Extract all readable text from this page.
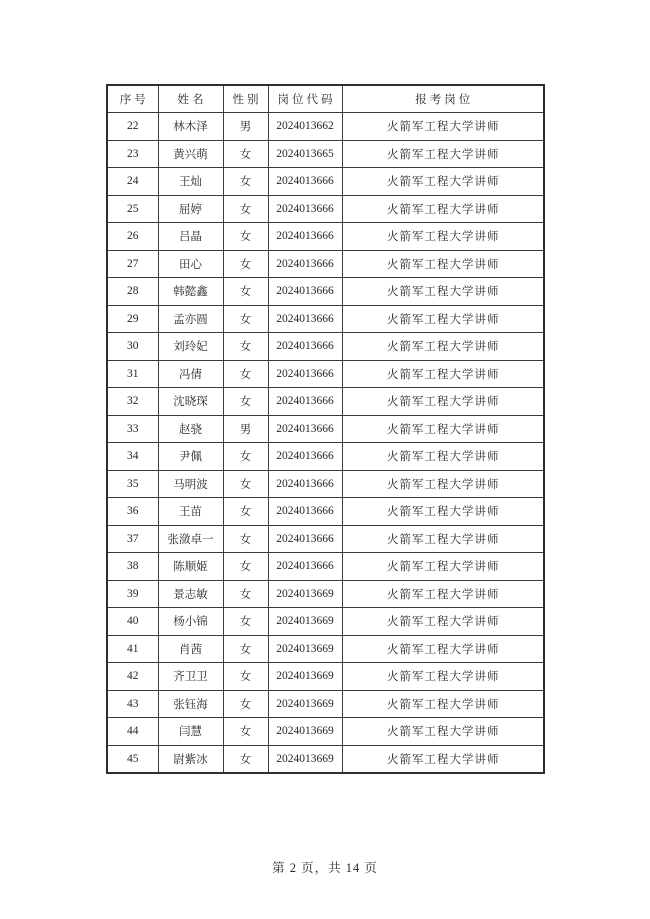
序号	姓名	性别	岗位代码	报考岗位
22	林木泽	男	2024013662	火箭军工程大学讲师
23	黄兴萌	女	2024013665	火箭军工程大学讲师
24	王灿	女	2024013666	火箭军工程大学讲师
25	屈婷	女	2024013666	火箭军工程大学讲师
26	吕晶	女	2024013666	火箭军工程大学讲师
27	田心	女	2024013666	火箭军工程大学讲师
28	韩懿鑫	女	2024013666	火箭军工程大学讲师
29	孟亦圆	女	2024013666	火箭军工程大学讲师
30	刘玲妃	女	2024013666	火箭军工程大学讲师
31	冯倩	女	2024013666	火箭军工程大学讲师
32	沈晓琛	女	2024013666	火箭军工程大学讲师
33	赵骁	男	2024013666	火箭军工程大学讲师
34	尹佩	女	2024013666	火箭军工程大学讲师
35	马明波	女	2024013666	火箭军工程大学讲师
36	王苗	女	2024013666	火箭军工程大学讲师
37	张潋卓一	女	2024013666	火箭军工程大学讲师
38	陈顺姬	女	2024013666	火箭军工程大学讲师
39	景志敏	女	2024013669	火箭军工程大学讲师
40	杨小锦	女	2024013669	火箭军工程大学讲师
41	肖茜	女	2024013669	火箭军工程大学讲师
42	齐卫卫	女	2024013669	火箭军工程大学讲师
43	张钰海	女	2024013669	火箭军工程大学讲师
44	闫慧	女	2024013669	火箭军工程大学讲师
45	尉紫冰	女	2024013669	火箭军工程大学讲师
第 2 页，共 14 页
